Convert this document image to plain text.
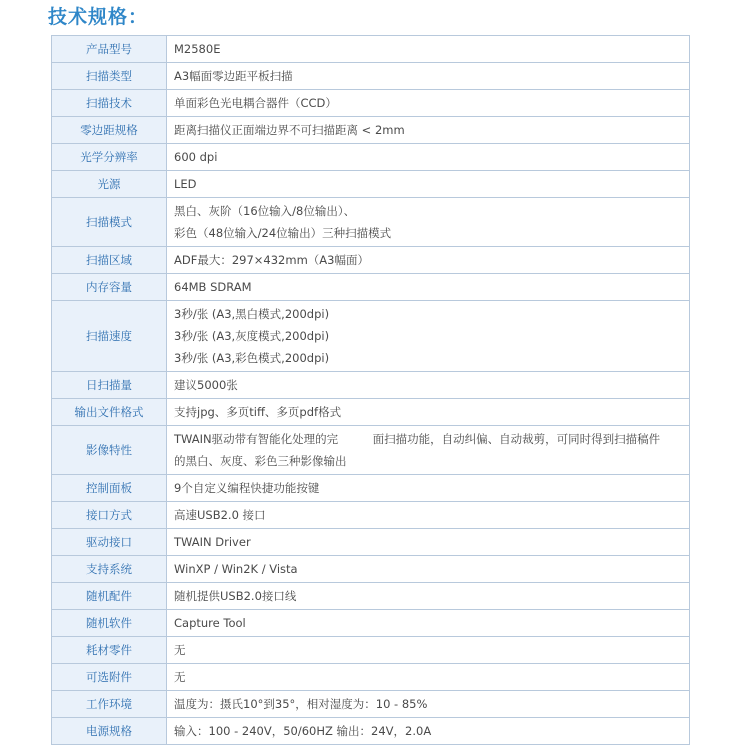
技术规格：
产品型号	M2580E

扫描类型	A3幅面零边距平板扫描

扫描技术	单面彩色光电耦合器件（CCD）

零边距规格	距离扫描仪正面端边界不可扫描距离 < 2mm

光学分辨率	600 dpi

光源	LED

扫描模式	黑白、灰阶（16位输入/8位输出）、
彩色（48位输入/24位输出）三种扫描模式

扫描区域	ADF最大：297×432mm（A3幅面）

内存容量	64MB SDRAM

扫描速度	3秒/张 (A3,黑白模式,200dpi)
3秒/张 (A3,灰度模式,200dpi)
3秒/张 (A3,彩色模式,200dpi)

日扫描量	建议5000张

输出文件格式	支持jpg、多页tiff、多页pdf格式

影像特性	TWAIN驱动带有智能化处理的完　　　面扫描功能，自动纠偏、自动裁剪，可同时得到扫描稿件
的黑白、灰度、彩色三种影像输出

控制面板	9个自定义编程快捷功能按键

接口方式	高速USB2.0 接口

驱动接口	TWAIN Driver

支持系统	WinXP / Win2K / Vista

随机配件	随机提供USB2.0接口线

随机软件	Capture Tool

耗材零件	无

可选附件	无

工作环境	温度为：摄氏10°到35°，相对湿度为：10 - 85%

电源规格	输入：100 - 240V，50/60HZ 输出：24V，2.0A
